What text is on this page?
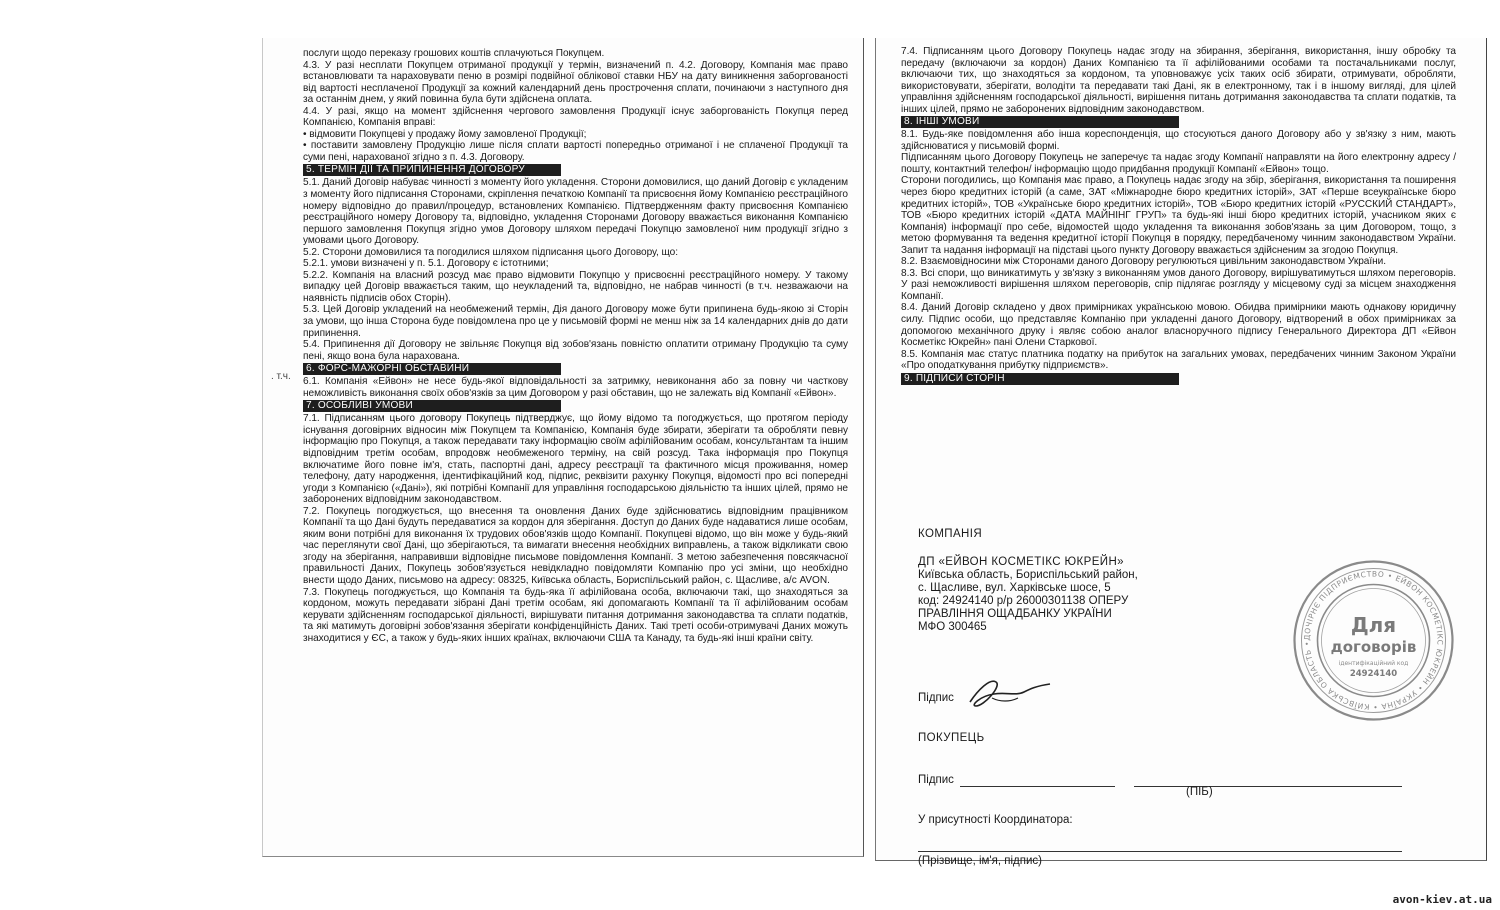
послуги щодо переказу грошових коштів сплачуються Покупцем.

4.3. У разі несплати Покупцем отриманої продукції у термін, визначений п. 4.2. Договору, Компанія має право встановлювати та нараховувати пеню в розмірі подвійної облікової ставки НБУ на дату виникнення заборгованості від вартості несплаченої Продукції за кожний календарний день прострочення сплати, починаючи з наступного дня за останнім днем, у який повинна була бути здійснена оплата.

4.4. У разі, якщо на момент здійснення чергового замовлення Продукції існує заборгованість Покупця перед Компанією, Компанія вправі:

• відмовити Покупцеві у продажу йому замовленої Продукції;

• поставити замовлену Продукцію лише після сплати вартості попередньо отриманої і не сплаченої Продукції та суми пені, нарахованої згідно з п. 4.3. Договору.

5. ТЕРМІН ДІЇ ТА ПРИПИНЕННЯ ДОГОВОРУ

5.1. Даний Договір набуває чинності з моменту його укладення. Сторони домовилися, що даний Договір є укладеним з моменту його підписання Сторонами, скріплення печаткою Компанії та присвоєння йому Компанією реєстраційного номеру відповідно до правил/процедур, встановлених Компанією. Підтвердженням факту присвоєння Компанією реєстраційного номеру Договору та, відповідно, укладення Сторонами Договору вважається виконання Компанією першого замовлення Покупця згідно умов Договору шляхом передачі Покупцю замовленої ним продукції згідно з умовами цього Договору.

5.2. Сторони домовилися та погодилися шляхом підписання цього Договору, що:

5.2.1. умови визначені у п. 5.1. Договору є істотними;

5.2.2. Компанія на власний розсуд має право відмовити Покупцю у присвоєнні реєстраційного номеру. У такому випадку цей Договір вважається таким, що неукладений та, відповідно, не набрав чинності (в т.ч. незважаючи на наявність підписів обох Сторін).

5.3. Цей Договір укладений на необмежений термін, Дія даного Договору може бути припинена будь-якою зі Сторін за умови, що інша Сторона буде повідомлена про це у письмовій формі не менш ніж за 14 календарних днів до дати припинення.

5.4. Припинення дії Договору не звільняє Покупця від зобов'язань повністю оплатити отриману Продукцію та суму пені, якщо вона була нарахована.

6. ФОРС-МАЖОРНІ ОБСТАВИНИ

6.1. Компанія «Ейвон» не несе будь-якої відповідальності за затримку, невиконання або за повну чи часткову неможливість виконання своїх обов'язків за цим Договором у разі обставин, що не залежать від Компанії «Ейвон».

7. ОСОБЛИВІ УМОВИ

7.1. Підписанням цього договору Покупець підтверджує, що йому відомо та погоджується, що протягом періоду існування договірних відносин між Покупцем та Компанією, Компанія буде збирати, зберігати та обробляти певну інформацію про Покупця, а також передавати таку інформацію своїм афілійованим особам, консультантам та іншим відповідним третім особам, впродовж необмеженого терміну, на свій розсуд. Така інформація про Покупця включатиме його повне ім'я, стать, паспортні дані, адресу реєстрації та фактичного місця проживання, номер телефону, дату народження, ідентифікаційний код, підпис, реквізити рахунку Покупця, відомості про всі попередні угоди з Компанією («Дані»), які потрібні Компанії для управління господарською діяльністю та інших цілей, прямо не заборонених відповідним законодавством.

7.2. Покупець погоджується, що внесення та оновлення Даних буде здійснюватись відповідним працівником Компанії та що Дані будуть передаватися за кордон для зберігання. Доступ до Даних буде надаватися лише особам, яким вони потрібні для виконання їх трудових обов'язків щодо Компанії. Покупцеві відомо, що він може у будь-який час переглянути свої Дані, що зберігаються, та вимагати внесення необхідних виправлень, а також відкликати свою згоду на зберігання, направивши відповідне письмове повідомлення Компанії. З метою забезпечення повсякчасної правильності Даних, Покупець зобов'язується невідкладно повідомляти Компанію про усі зміни, що необхідно внести щодо Даних, письмово на адресу: 08325, Київська область, Бориспільський район, с. Щасливе, а/с AVON.

7.3. Покупець погоджується, що Компанія та будь-яка її афілійована особа, включаючи такі, що знаходяться за кордоном, можуть передавати зібрані Дані третім особам, які допомагають Компанії та її афілійованим особам керувати здійсненням господарської діяльності, вирішувати питання дотримання законодавства та сплати податків, та які матимуть договірні зобов'язання зберігати конфіденційність Даних. Такі треті особи-отримувачі Даних можуть знаходитися у ЄС, а також у будь-яких інших країнах, включаючи США та Канаду, та будь-які інші країни світу.

. т.ч.

7.4. Підписанням цього Договору Покупець надає згоду на збирання, зберігання, використання, іншу обробку та передачу (включаючи за кордон) Даних Компанією та її афілійованими особами та постачальниками послуг, включаючи тих, що знаходяться за кордоном, та уповноважує усіх таких осіб збирати, отримувати, обробляти, використовувати, зберігати, володіти та передавати такі Дані, як в електронному, так і в іншому вигляді, для цілей управління здійсненням господарської діяльності, вирішення питань дотримання законодавства та сплати податків, та інших цілей, прямо не заборонених відповідним законодавством.

8. ІНШІ УМОВИ

8.1. Будь-яке повідомлення або інша кореспонденція, що стосуються даного Договору або у зв'язку з ним, мають здійснюватися у письмовій формі.

Підписанням цього Договору Покупець не заперечує та надає згоду Компанії направляти на його електронну адресу /пошту, контактний телефон/ інформацію щодо придбання продукції Компанії «Ейвон» тощо.

Сторони погодились, що Компанія має право, а Покупець надає згоду на збір, зберігання, використання та поширення через бюро кредитних історій (а саме, ЗАТ «Міжнародне бюро кредитних історій», ЗАТ «Перше всеукраїнське бюро кредитних історій», ТОВ «Українське бюро кредитних історій», ТОВ «Бюро кредитних історій «РУССКИЙ СТАНДАРТ», ТОВ «Бюро кредитних історій «ДАТА МАЙНІНГ ГРУП» та будь-які інші бюро кредитних історій, учасником яких є Компанія) інформації про себе, відомостей щодо укладення та виконання зобов'язань за цим Договором, тощо, з метою формування та ведення кредитної історії Покупця в порядку, передбаченому чинним законодавством України. Запит та надання інформації на підставі цього пункту Договору вважається здійсненим за згодою Покупця.

8.2. Взаємовідносини між Сторонами даного Договору регулюються цивільним законодавством України.

8.3. Всі спори, що виникатимуть у зв'язку з виконанням умов даного Договору, вирішуватимуться шляхом переговорів. У разі неможливості вирішення шляхом переговорів, спір підлягає розгляду у місцевому суді за місцем знаходження Компанії.

8.4. Даний Договір складено у двох примірниках українською мовою. Обидва примірники мають однакову юридичну силу. Підпис особи, що представляє Компанію при укладенні даного Договору, відтворений в обох примірниках за допомогою механічного друку і являє собою аналог власноручного підпису Генерального Директора ДП «Ейвон Косметікс Юкрейн» пані Олени Старкової.

8.5. Компанія має статус платника податку на прибуток на загальних умовах, передбачених чинним Законом України «Про оподаткування прибутку підприємств».

9. ПІДПИСИ СТОРІН
КОМПАНІЯ
ДП «ЕЙВОН КОСМЕТІКС ЮКРЕЙН»
Київська область, Бориспільський район,
с. Щасливе, вул. Харківське шосе, 5
код: 24924140 р/р 26000301138 ОПЕРУ
ПРАВЛІННЯ ОЩАДБАНКУ УКРАЇНИ
МФО 300465
Підпис
ПОКУПЕЦЬ
Підпис
(ПІБ)
У присутності Координатора:
(Прізвище, ім'я, підпис)
ДОЧІРНЄ ПІДПРИЄМСТВО • ЕЙВОН КОСМЕТІКС ЮКРЕЙН • УКРАЇНА • КИЇВСЬКА ОБЛАСТЬ •
Для
договорів
ідентифікаційний код
24924140
avon-kiev.at.ua
